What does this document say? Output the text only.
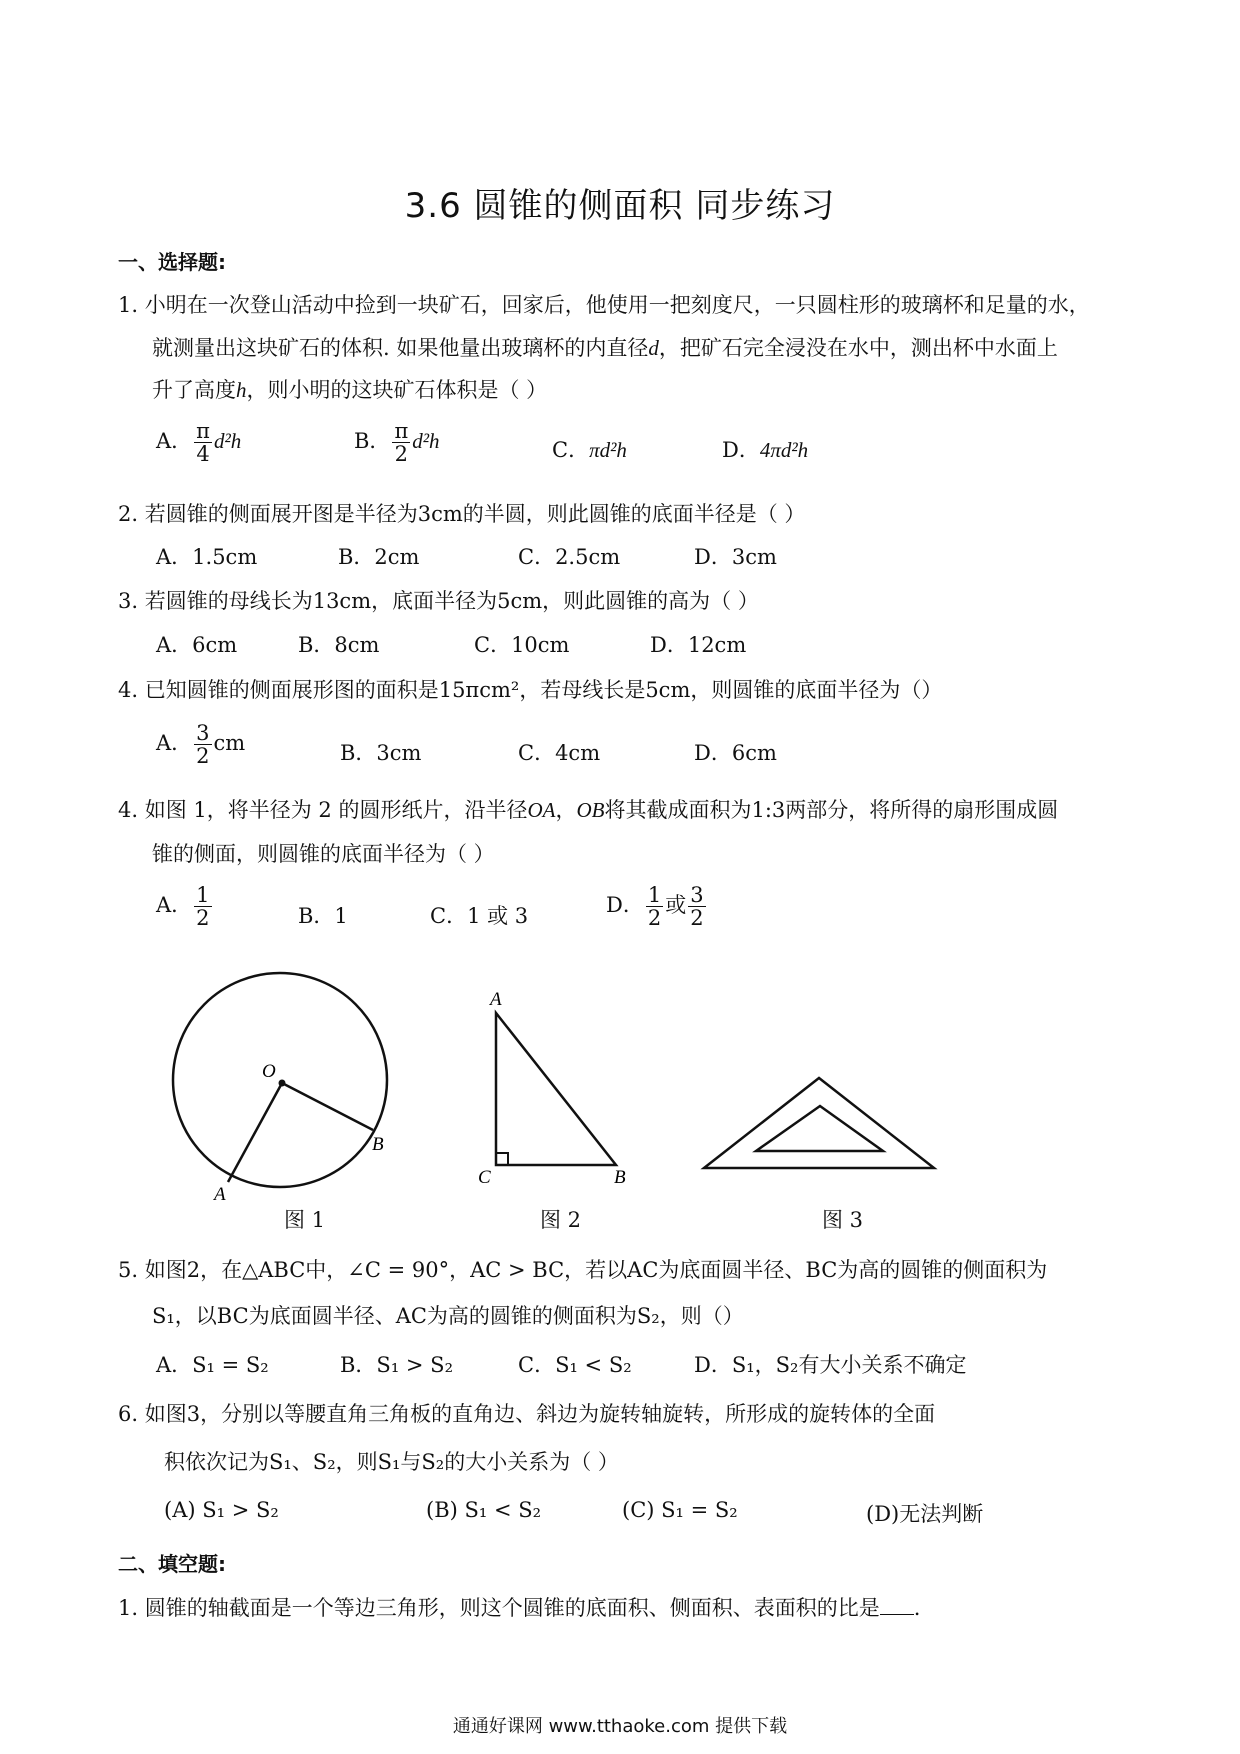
3.6 圆锥的侧面积 同步练习
一、选择题:
1. 小明在一次登山活动中捡到一块矿石，回家后，他使用一把刻度尺，一只圆柱形的玻璃杯和足量的水，
就测量出这块矿石的体积. 如果他量出玻璃杯的内直径d，把矿石完全浸没在水中，测出杯中水面上
升了高度h，则小明的这块矿石体积是（ ）
A． $\frac{\pi}{4} d^2h$	B． $\frac{\pi}{2} d^2h$	C．πd²h	D．4πd²h
2. 若圆锥的侧面展开图是半径为3cm的半圆，则此圆锥的底面半径是（ ）
A．1.5cm	B．2cm	C．2.5cm	D．3cm
3. 若圆锥的母线长为13cm，底面半径为5cm，则此圆锥的高为（ ）
A．6cm	B．8cm	C．10cm	D．12cm
4. 已知圆锥的侧面展形图的面积是15πcm²，若母线长是5cm，则圆锥的底面半径为（）
A． $\frac{3}{2}$ cm	B．3cm	C．4cm	D．6cm
4. 如图 1，将半径为 2 的圆形纸片，沿半径OA，OB将其截成面积为1:3两部分，将所得的扇形围成圆
锥的侧面，则圆锥的底面半径为（ ）
A． $\frac{1}{2}$	B．1	C．1 或 3	D． $\frac{1}{2}$ 或 $\frac{3}{2}$
O
A
B
A
C	B
图 1	图 2	图 3
5. 如图2，在△ABC中，∠C = 90°，AC > BC，若以AC为底面圆半径、BC为高的圆锥的侧面积为
S₁，以BC为底面圆半径、AC为高的圆锥的侧面积为S₂，则（）
A．S₁ = S₂	B．S₁ > S₂	C．S₁ < S₂	D．S₁，S₂有大小关系不确定
6. 如图3，分别以等腰直角三角板的直角边、斜边为旋转轴旋转，所形成的旋转体的全面
积依次记为S₁、S₂，则S₁与S₂的大小关系为（ ）
(A) S₁ > S₂	(B) S₁ < S₂	(C) S₁ = S₂	(D)无法判断
二、填空题:
1. 圆锥的轴截面是一个等边三角形，则这个圆锥的底面积、侧面积、表面积的比是 .
通通好课网 www.tthaoke.com 提供下载
